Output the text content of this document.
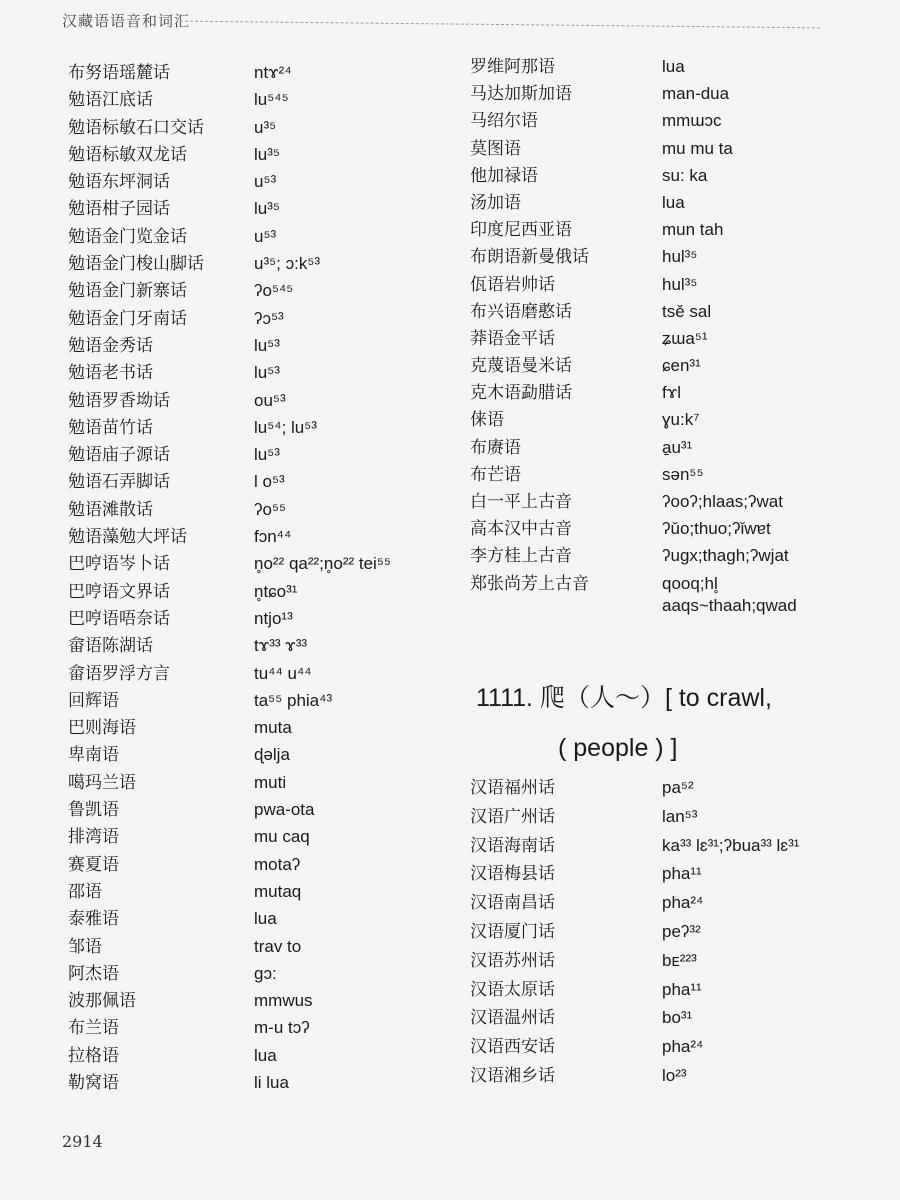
汉藏语语音和词汇
布努语瑶麓话	ntɤ²⁴
勉语江底话	lu⁵⁴⁵
勉语标敏石口交话	u³⁵
勉语标敏双龙话	lu³⁵
勉语东坪洞话	u⁵³
勉语柑子园话	lu³⁵
勉语金门览金话	u⁵³
勉语金门梭山脚话	u³⁵; ɔ:k⁵³
勉语金门新寨话	ʔo⁵⁴⁵
勉语金门牙南话	ʔɔ⁵³
勉语金秀话	lu⁵³
勉语老书话	lu⁵³
勉语罗香坳话	ou⁵³
勉语苗竹话	lu⁵⁴; lu⁵³
勉语庙子源话	lu⁵³
勉语石弄脚话	l o⁵³
勉语滩散话	ʔo⁵⁵
勉语藻勉大坪话	fɔn⁴⁴
巴哼语岑卜话	n̥o²² qa²²;n̥o²² tei⁵⁵
巴哼语文界话	n̥tɕo³¹
巴哼语唔奈话	ntjo¹³
畲语陈湖话	tɤ³³ ɤ³³
畲语罗浮方言	tu⁴⁴ u⁴⁴
回辉语	ta⁵⁵ phia⁴³
巴则海语	muta
卑南语	ɖəlja
噶玛兰语	muti
鲁凯语	pwa-ota
排湾语	mu caq
赛夏语	motaʔ
邵语	mutaq
泰雅语	lua
邹语	trav to
阿杰语	gɔ:
波那佩语	mmwus
布兰语	m-u tɔʔ
拉格语	lua
勒窝语	li lua
罗维阿那语	lua
马达加斯加语	man-dua
马绍尔语	mmɯɔc
莫图语	mu mu ta
他加禄语	su: ka
汤加语	lua
印度尼西亚语	mun tah
布朗语新曼俄话	hul³⁵
佤语岩帅话	hul³⁵
布兴语磨憨话	tsě sal
莽语金平话	ʑɯa⁵¹
克蔑语曼米话	ɕen³¹
克木语勐腊话	fɤl
俫语	ɣu:k⁷
布赓语	a̱u³¹
布芒语	sən⁵⁵
白一平上古音	ʔooʔ;hlaas;ʔwat
高本汉中古音	ʔǔo;thuo;ʔǐwɐt
李方桂上古音	ʔugx;thagh;ʔwjat
郑张尚芳上古音	qooq;hl̥
aaqs~thaah;qwad
1111. 爬（人～）[ to crawl,
( people ) ]
汉语福州话	pa⁵²
汉语广州话	lan⁵³
汉语海南话	ka³³ lɛ³¹;ʔbua³³ lɛ³¹
汉语梅县话	pha¹¹
汉语南昌话	pha²⁴
汉语厦门话	peʔ³²
汉语苏州话	bᴇ²²³
汉语太原话	pha¹¹
汉语温州话	bo³¹
汉语西安话	pha²⁴
汉语湘乡话	lo²³
2914
